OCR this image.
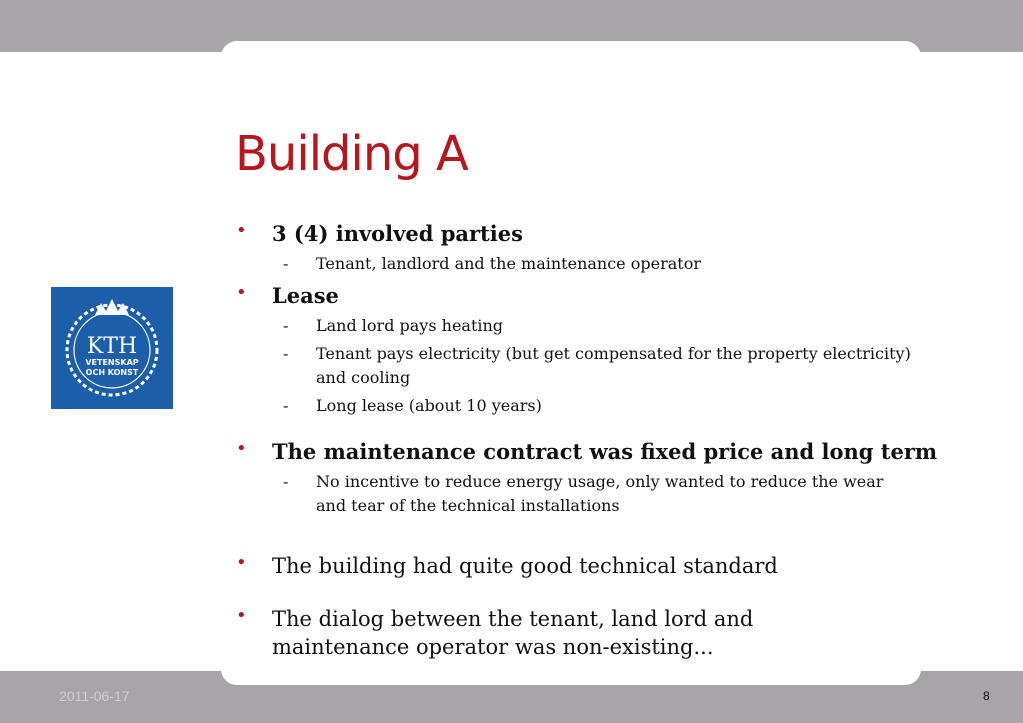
KTH
VETENSKAP
OCH KONST
Building A
• 3 (4) involved parties
- Tenant, landlord and the maintenance operator
• Lease
- Land lord pays heating
- Tenant pays electricity (but get compensated for the property electricity) and cooling
- Long lease (about 10 years)
• The maintenance contract was fixed price and long term
- No incentive to reduce energy usage, only wanted to reduce the wear and tear of the technical installations
• The building had quite good technical standard
• The dialog between the tenant, land lord and maintenance operator was non-existing...
2011-06-17	8
